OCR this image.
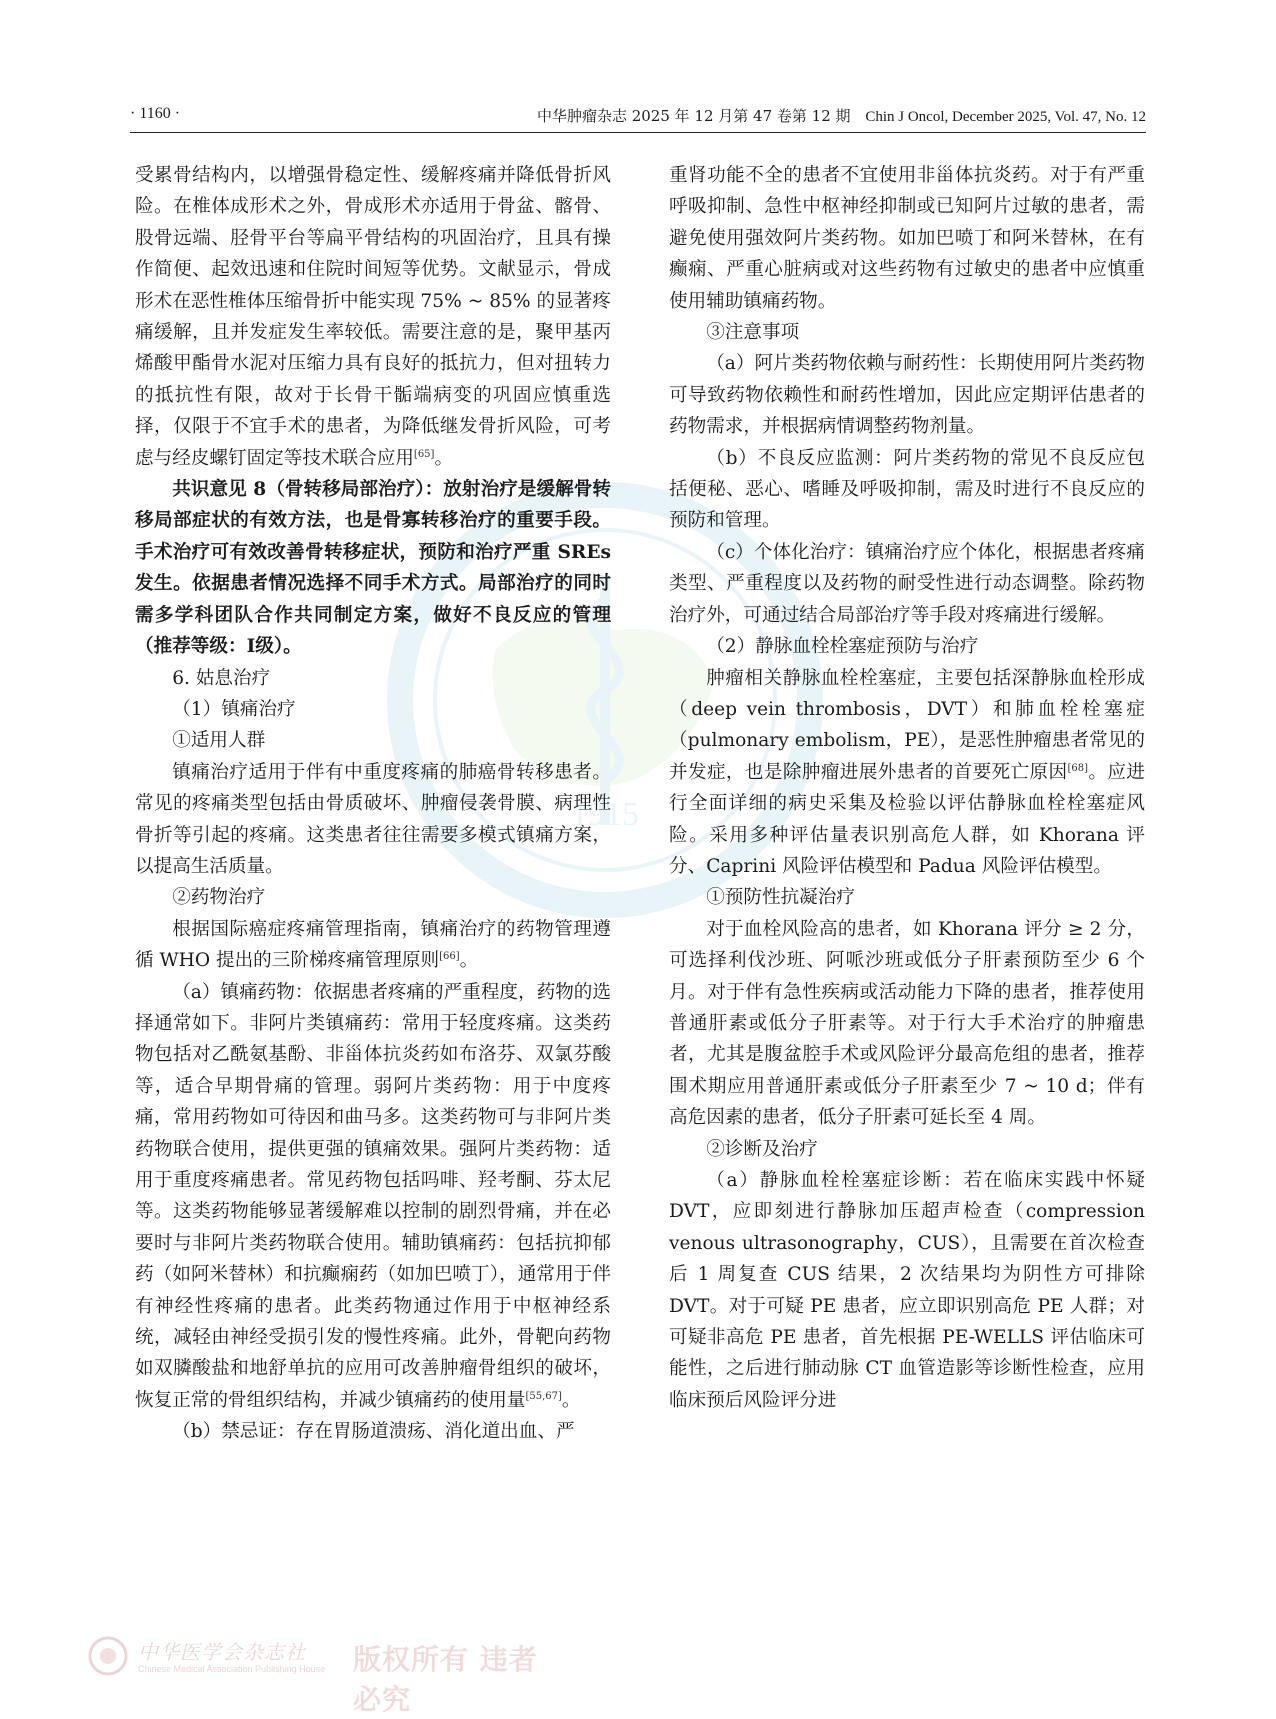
· 1160 ·	中华肿瘤杂志 2025 年 12 月第 47 卷第 12 期 Chin J Oncol, December 2025, Vol. 47, No. 12
1915

受累骨结构内，以增强骨稳定性、缓解疼痛并降低骨折风险。在椎体成形术之外，骨成形术亦适用于骨盆、髂骨、股骨远端、胫骨平台等扁平骨结构的巩固治疗，且具有操作简便、起效迅速和住院时间短等优势。文献显示，骨成形术在恶性椎体压缩骨折中能实现 75% ~ 85% 的显著疼痛缓解，且并发症发生率较低。需要注意的是，聚甲基丙烯酸甲酯骨水泥对压缩力具有良好的抵抗力，但对扭转力的抵抗性有限，故对于长骨干骺端病变的巩固应慎重选择，仅限于不宜手术的患者，为降低继发骨折风险，可考虑与经皮螺钉固定等技术联合应用[65]。

共识意见 8（骨转移局部治疗）：放射治疗是缓解骨转移局部症状的有效方法，也是骨寡转移治疗的重要手段。手术治疗可有效改善骨转移症状，预防和治疗严重 SREs 发生。依据患者情况选择不同手术方式。局部治疗的同时需多学科团队合作共同制定方案，做好不良反应的管理（推荐等级：Ⅰ级）。

6. 姑息治疗

（1）镇痛治疗

①适用人群

镇痛治疗适用于伴有中重度疼痛的肺癌骨转移患者。常见的疼痛类型包括由骨质破坏、肿瘤侵袭骨膜、病理性骨折等引起的疼痛。这类患者往往需要多模式镇痛方案，以提高生活质量。

②药物治疗

根据国际癌症疼痛管理指南，镇痛治疗的药物管理遵循 WHO 提出的三阶梯疼痛管理原则[66]。

（a）镇痛药物：依据患者疼痛的严重程度，药物的选择通常如下。非阿片类镇痛药：常用于轻度疼痛。这类药物包括对乙酰氨基酚、非甾体抗炎药如布洛芬、双氯芬酸等，适合早期骨痛的管理。弱阿片类药物：用于中度疼痛，常用药物如可待因和曲马多。这类药物可与非阿片类药物联合使用，提供更强的镇痛效果。强阿片类药物：适用于重度疼痛患者。常见药物包括吗啡、羟考酮、芬太尼等。这类药物能够显著缓解难以控制的剧烈骨痛，并在必要时与非阿片类药物联合使用。辅助镇痛药：包括抗抑郁药（如阿米替林）和抗癫痫药（如加巴喷丁），通常用于伴有神经性疼痛的患者。此类药物通过作用于中枢神经系统，减轻由神经受损引发的慢性疼痛。此外，骨靶向药物如双膦酸盐和地舒单抗的应用可改善肿瘤骨组织的破坏，恢复正常的骨组织结构，并减少镇痛药的使用量[55,67]。

（b）禁忌证：存在胃肠道溃疡、消化道出血、严

重肾功能不全的患者不宜使用非甾体抗炎药。对于有严重呼吸抑制、急性中枢神经抑制或已知阿片过敏的患者，需避免使用强效阿片类药物。如加巴喷丁和阿米替林，在有癫痫、严重心脏病或对这些药物有过敏史的患者中应慎重使用辅助镇痛药物。

③注意事项

（a）阿片类药物依赖与耐药性：长期使用阿片类药物可导致药物依赖性和耐药性增加，因此应定期评估患者的药物需求，并根据病情调整药物剂量。

（b）不良反应监测：阿片类药物的常见不良反应包括便秘、恶心、嗜睡及呼吸抑制，需及时进行不良反应的预防和管理。

（c）个体化治疗：镇痛治疗应个体化，根据患者疼痛类型、严重程度以及药物的耐受性进行动态调整。除药物治疗外，可通过结合局部治疗等手段对疼痛进行缓解。

（2）静脉血栓栓塞症预防与治疗

肿瘤相关静脉血栓栓塞症，主要包括深静脉血栓形成（deep vein thrombosis，DVT）和肺血栓栓塞症（pulmonary embolism，PE），是恶性肿瘤患者常见的并发症，也是除肿瘤进展外患者的首要死亡原因[68]。应进行全面详细的病史采集及检验以评估静脉血栓栓塞症风险。采用多种评估量表识别高危人群，如 Khorana 评分、Caprini 风险评估模型和 Padua 风险评估模型。

①预防性抗凝治疗

对于血栓风险高的患者，如 Khorana 评分 ≥ 2 分，可选择利伐沙班、阿哌沙班或低分子肝素预防至少 6 个月。对于伴有急性疾病或活动能力下降的患者，推荐使用普通肝素或低分子肝素等。对于行大手术治疗的肿瘤患者，尤其是腹盆腔手术或风险评分最高危组的患者，推荐围术期应用普通肝素或低分子肝素至少 7 ~ 10 d；伴有高危因素的患者，低分子肝素可延长至 4 周。

②诊断及治疗

（a）静脉血栓栓塞症诊断：若在临床实践中怀疑 DVT，应即刻进行静脉加压超声检查（compression venous ultrasonography，CUS），且需要在首次检查后 1 周复查 CUS 结果，2 次结果均为阴性方可排除 DVT。对于可疑 PE 患者，应立即识别高危 PE 人群；对可疑非高危 PE 患者，首先根据 PE-WELLS 评估临床可能性，之后进行肺动脉 CT 血管造影等诊断性检查，应用临床预后风险评分进

中华医学会杂志社
Chinese Medical Association Publishing House 版权所有 违者必究
